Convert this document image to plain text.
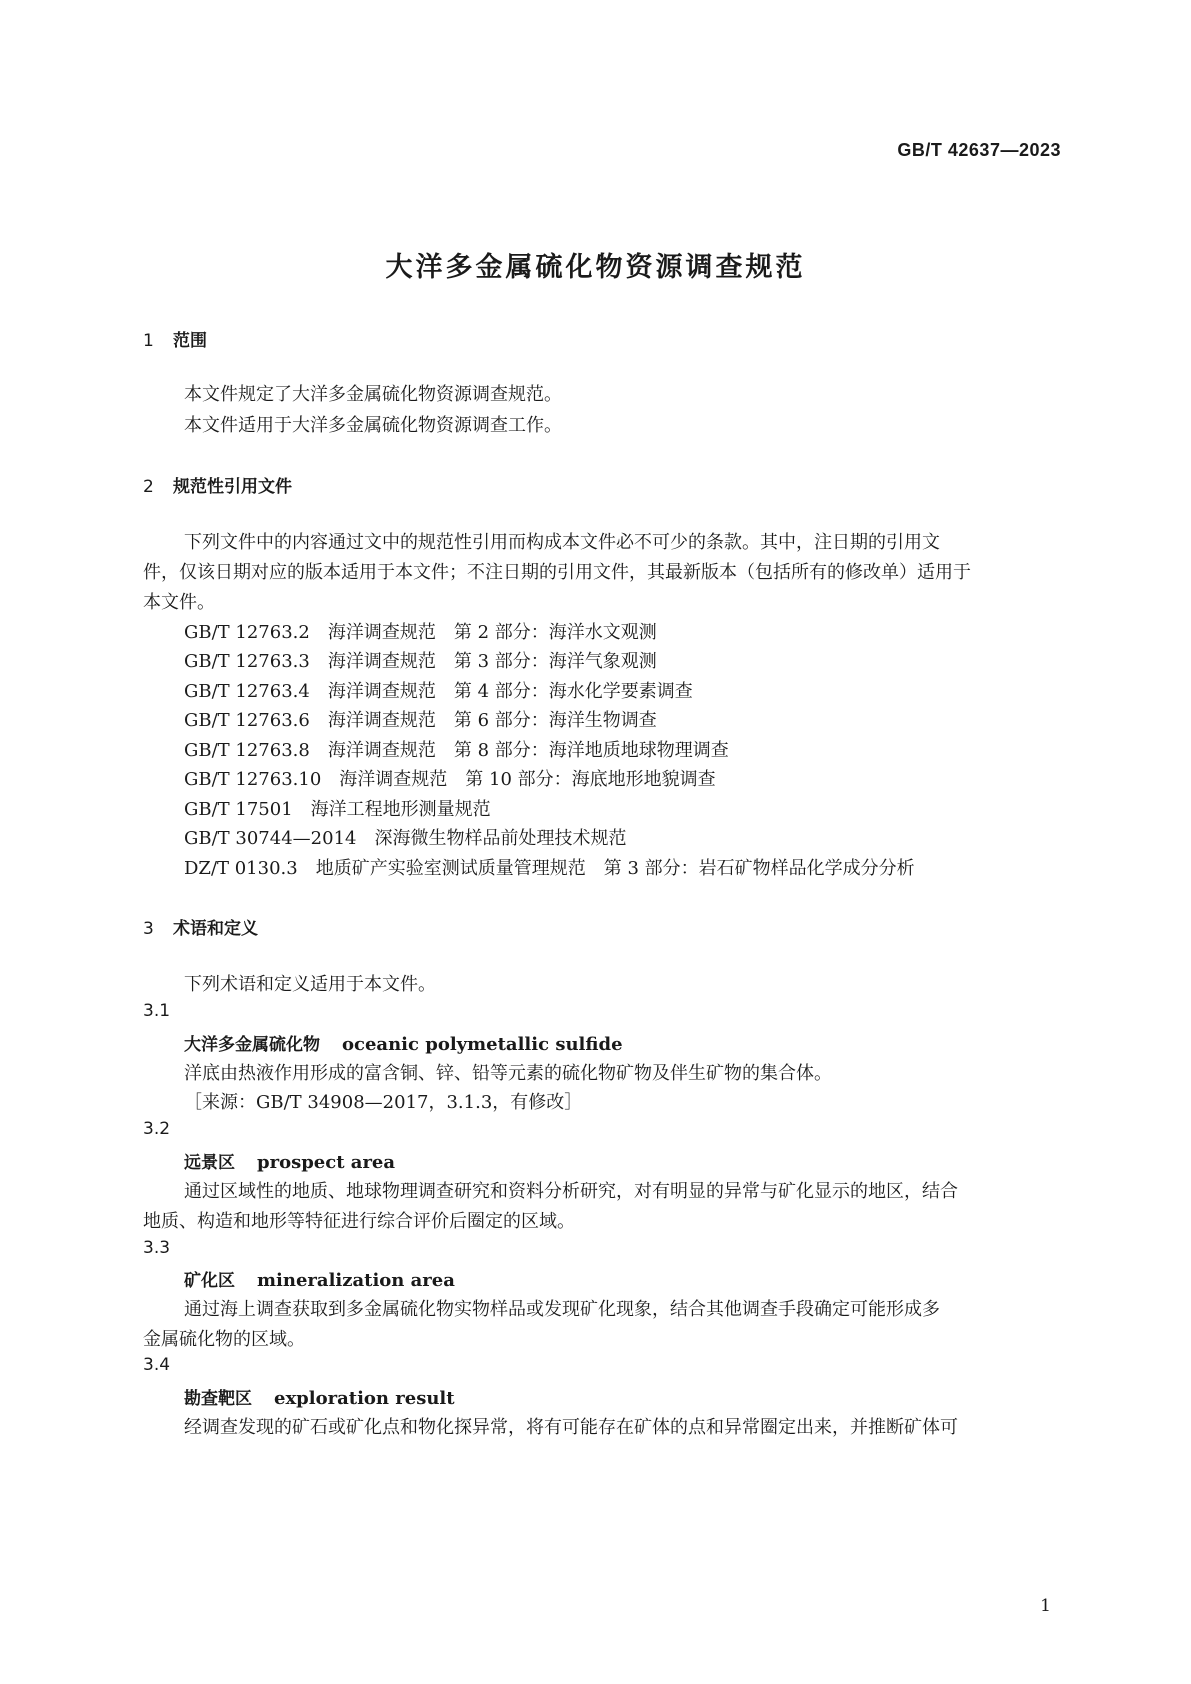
GB/T 42637—2023
大洋多金属硫化物资源调查规范
1 范围
本文件规定了大洋多金属硫化物资源调查规范。
本文件适用于大洋多金属硫化物资源调查工作。
2 规范性引用文件
下列文件中的内容通过文中的规范性引用而构成本文件必不可少的条款。其中，注日期的引用文
件，仅该日期对应的版本适用于本文件；不注日期的引用文件，其最新版本（包括所有的修改单）适用于
本文件。
GB/T 12763.2 海洋调查规范 第 2 部分：海洋水文观测
GB/T 12763.3 海洋调查规范 第 3 部分：海洋气象观测
GB/T 12763.4 海洋调查规范 第 4 部分：海水化学要素调查
GB/T 12763.6 海洋调查规范 第 6 部分：海洋生物调查
GB/T 12763.8 海洋调查规范 第 8 部分：海洋地质地球物理调查
GB/T 12763.10 海洋调查规范 第 10 部分：海底地形地貌调查
GB/T 17501 海洋工程地形测量规范
GB/T 30744—2014 深海微生物样品前处理技术规范
DZ/T 0130.3 地质矿产实验室测试质量管理规范 第 3 部分：岩石矿物样品化学成分分析
3 术语和定义
下列术语和定义适用于本文件。
3.1
大洋多金属硫化物 oceanic polymetallic sulfide
洋底由热液作用形成的富含铜、锌、铅等元素的硫化物矿物及伴生矿物的集合体。
［来源：GB/T 34908—2017，3.1.3，有修改］
3.2
远景区 prospect area
通过区域性的地质、地球物理调查研究和资料分析研究，对有明显的异常与矿化显示的地区，结合
地质、构造和地形等特征进行综合评价后圈定的区域。
3.3
矿化区 mineralization area
通过海上调查获取到多金属硫化物实物样品或发现矿化现象，结合其他调查手段确定可能形成多
金属硫化物的区域。
3.4
勘查靶区 exploration result
经调查发现的矿石或矿化点和物化探异常，将有可能存在矿体的点和异常圈定出来，并推断矿体可
1
